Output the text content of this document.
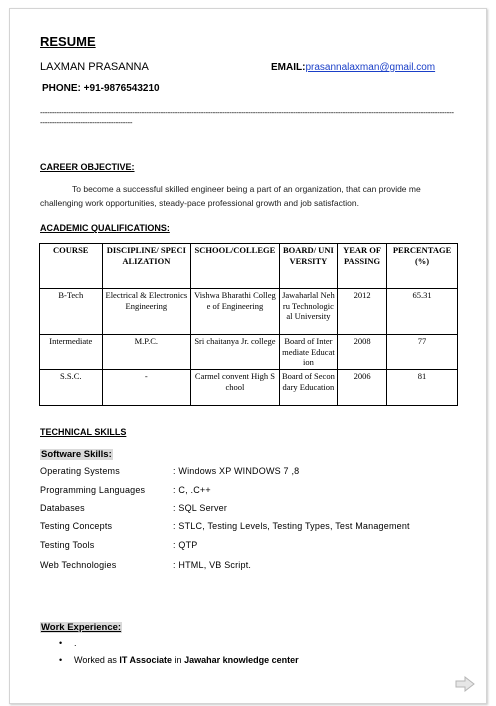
RESUME
LAXMAN PRASANNA	EMAIL:prasannalaxman@gmail.com
PHONE: +91-9876543210
----------------------------------------------------------------------------------------------------------------------------------------------------------------------------------------------------------------------
CAREER OBJECTIVE:
To become a successful skilled engineer being a part of an organization, that can provide me challenging work opportunities, steady-pace professional growth and job satisfaction.
ACADEMIC QUALIFICATIONS:
COURSE	DISCIPLINE/ SPECIALIZATION	SCHOOL/COLLEGE	BOARD/ UNIVERSITY	YEAR OF PASSING	PERCENTAGE (%)
B-Tech	Electrical & Electronics Engineering	Vishwa Bharathi College of Engineering	Jawaharlal Nehru Technological University	2012	65.31
Intermediate	M.P.C.	Sri chaitanya Jr. college	Board of Intermediate Education	2008	77
S.S.C.	-	Carmel convent High School	Board of Secondary Education	2006	81
TECHNICAL SKILLS
Software Skills:
Operating Systems	: Windows XP WINDOWS 7 ,8
Programming Languages	: C, .C++
Databases	: SQL Server
Testing Concepts	: STLC, Testing Levels, Testing Types, Test Management
Testing Tools	: QTP
Web Technologies	: HTML, VB Script.
Work Experience:
• .
• Worked as IT Associate in Jawahar knowledge center
